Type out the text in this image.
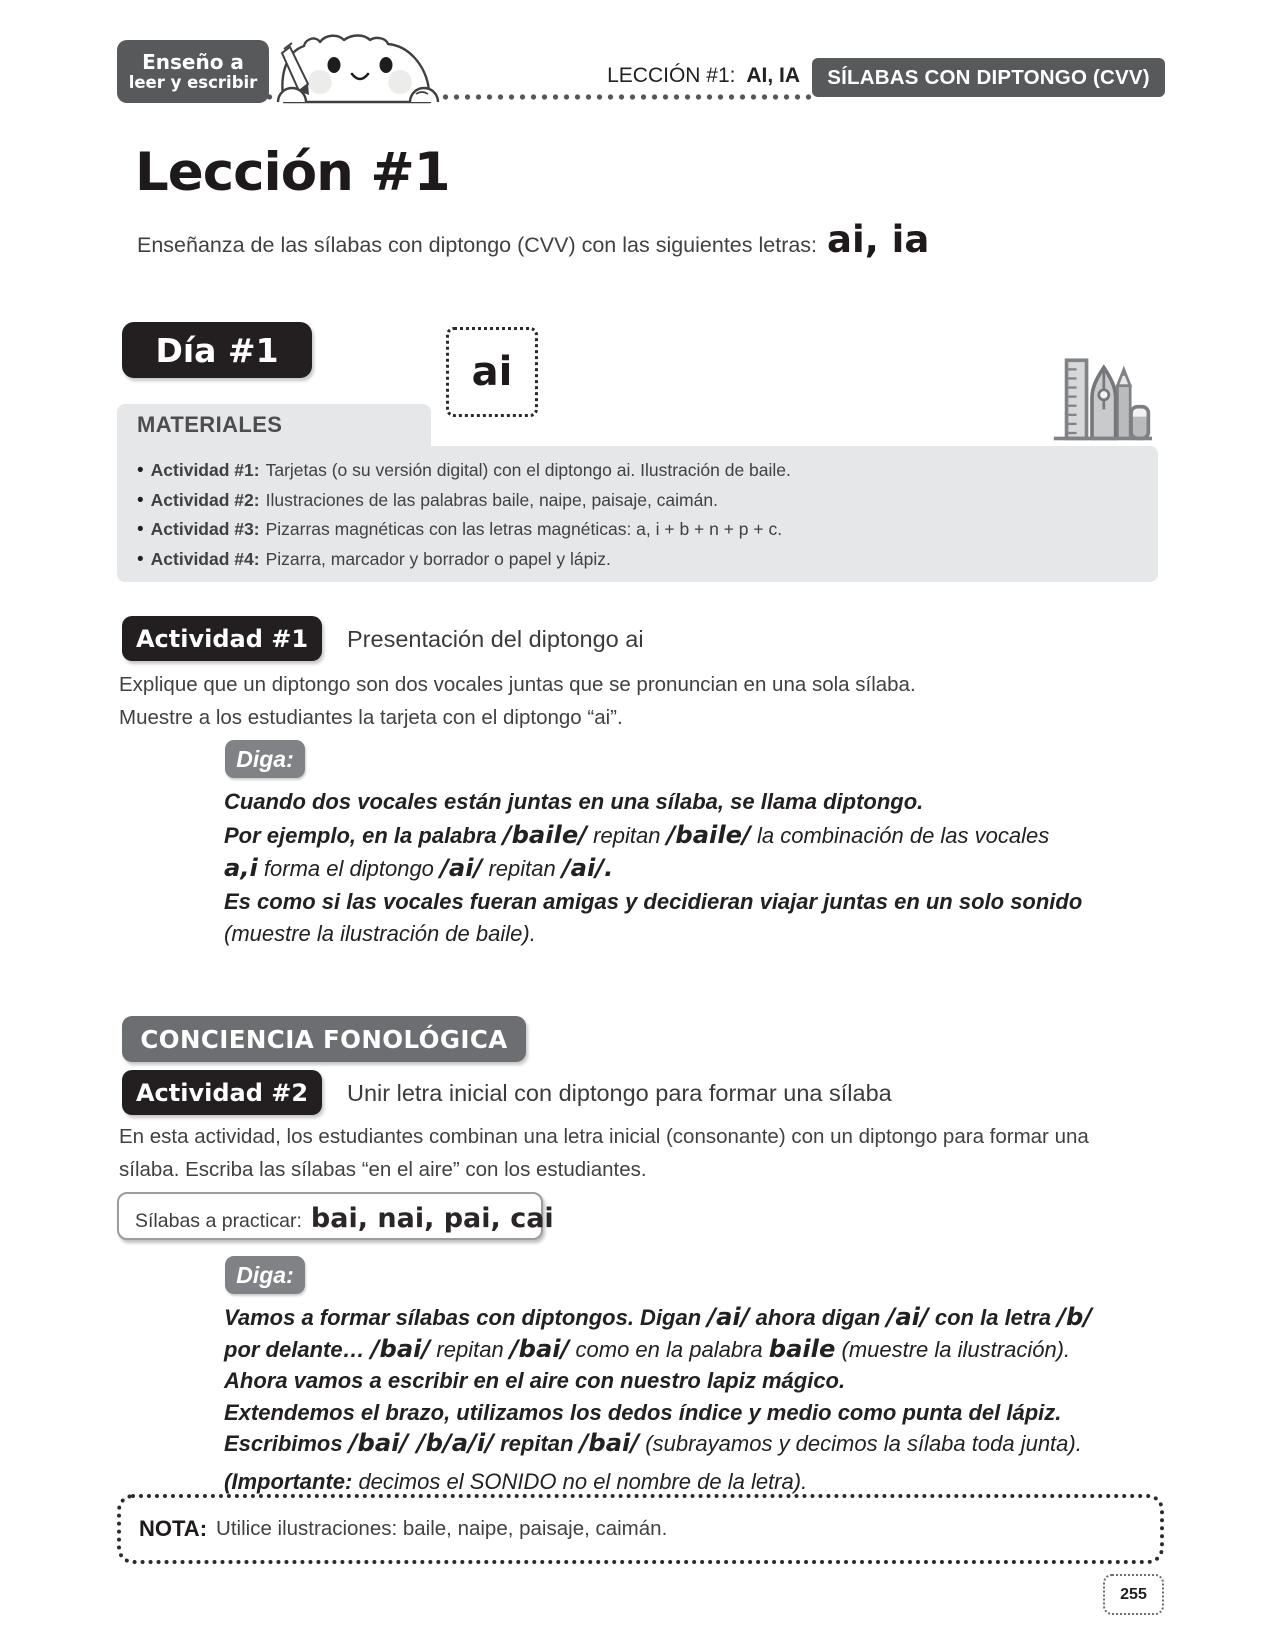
Enseño a
leer y escribir	LECCIÓN #1: AI, IA	SÍLABAS CON DIPTONGO (CVV)
Lección #1
Enseñanza de las sílabas con diptongo (CVV) con las siguientes letras: ai, ia
Día #1	ai
MATERIALES
• Actividad #1: Tarjetas (o su versión digital) con el diptongo ai. Ilustración de baile.
• Actividad #2: Ilustraciones de las palabras baile, naipe, paisaje, caimán.
• Actividad #3: Pizarras magnéticas con las letras magnéticas: a, i + b + n + p + c.
• Actividad #4: Pizarra, marcador y borrador o papel y lápiz.
Actividad #1	Presentación del diptongo ai
Explique que un diptongo son dos vocales juntas que se pronuncian en una sola sílaba.
Muestre a los estudiantes la tarjeta con el diptongo “ai”.
Diga:
Cuando dos vocales están juntas en una sílaba, se llama diptongo.
Por ejemplo, en la palabra /baile/ repitan /baile/ la combinación de las vocales
a,i forma el diptongo /ai/ repitan /ai/.
Es como si las vocales fueran amigas y decidieran viajar juntas en un solo sonido
(muestre la ilustración de baile).
CONCIENCIA FONOLÓGICA
Actividad #2	Unir letra inicial con diptongo para formar una sílaba
En esta actividad, los estudiantes combinan una letra inicial (consonante) con un diptongo para formar una
sílaba. Escriba las sílabas “en el aire” con los estudiantes.
Sílabas a practicar: bai, nai, pai, cai
Diga:
Vamos a formar sílabas con diptongos. Digan /ai/ ahora digan /ai/ con la letra /b/
por delante… /bai/ repitan /bai/ como en la palabra baile (muestre la ilustración).
Ahora vamos a escribir en el aire con nuestro lapiz mágico.
Extendemos el brazo, utilizamos los dedos índice y medio como punta del lápiz.
Escribimos /bai/ /b/a/i/ repitan /bai/ (subrayamos y decimos la sílaba toda junta).
(Importante: decimos el SONIDO no el nombre de la letra).
NOTA: Utilice ilustraciones: baile, naipe, paisaje, caimán.
255
